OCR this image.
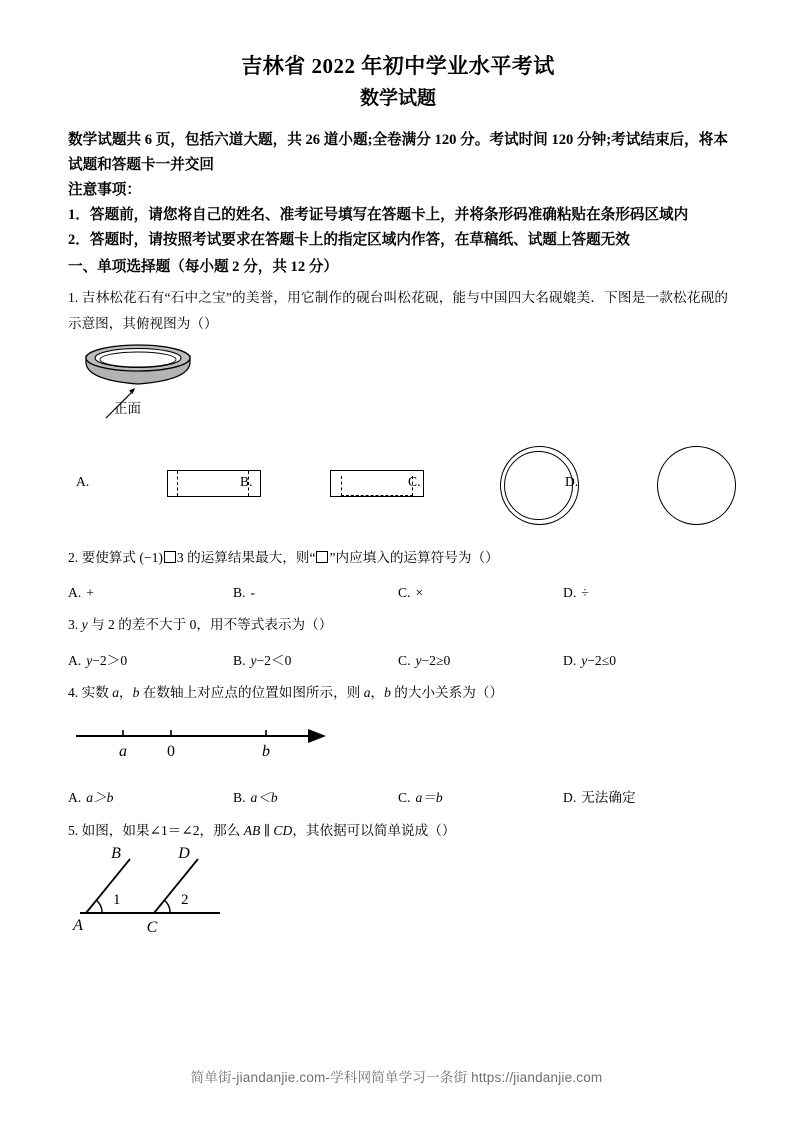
吉林省 2022 年初中学业水平考试
数学试题

数学试题共 6 页，包括六道大题，共 26 道小题;全卷满分 120 分。考试时间 120 分钟;考试结束后，将本试题和答题卡一并交回

注意事项：

1．答题前，请您将自己的姓名、准考证号填写在答题卡上，并将条形码准确粘贴在条形码区域内

2．答题时，请按照考试要求在答题卡上的指定区域内作答，在草稿纸、试题上答题无效

一、单项选择题（每小题 2 分，共 12 分）

1. 吉林松花石有“石中之宝”的美誉，用它制作的砚台叫松花砚，能与中国四大名砚媲美．下图是一款松花砚的示意图，其俯视图为（）

正面
A.	B.	C.	D.

2. 要使算式 (−1) 3 的运算结果最大，则“ ”内应填入的运算符号为（）

A. +	B. -	C. ×	D. ÷

3. y 与 2 的差不大于 0，用不等式表示为（）

A. y−2＞0	B. y−2＜0	C. y−2≥0	D. y−2≤0

4. 实数 a，b 在数轴上对应点的位置如图所示，则 a，b 的大小关系为（）

a	0	b
A. a＞b	B. a＜b	C. a＝b	D. 无法确定

5. 如图，如果∠1＝∠2，那么 AB ∥ CD，其依据可以简单说成（）

B	D
A	C
1	2
简单街-jiandanjie.com-学科网简单学习一条街 https://jiandanjie.com
